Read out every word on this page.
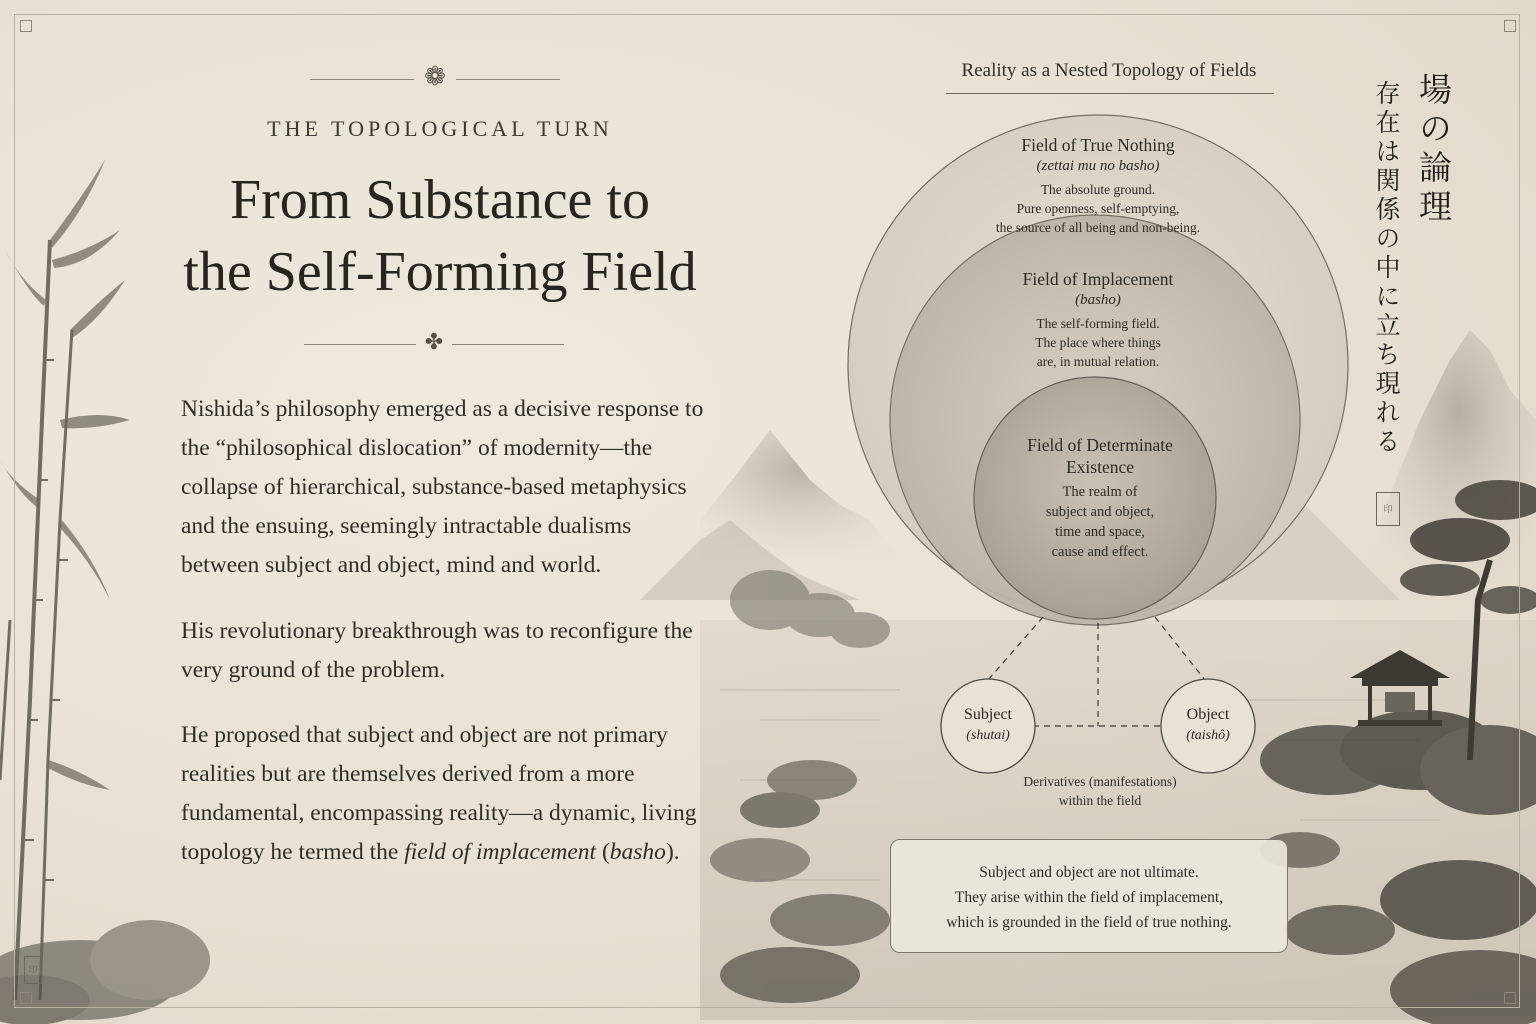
❁
THE TOPOLOGICAL TURN
From Substance to
the Self-Forming Field
✤

Nishida’s philosophy emerged as a decisive response to the “philosophical dislocation” of modernity—the collapse of hierarchical, substance-based metaphysics and the ensuing, seemingly intractable dualisms between subject and object, mind and world.

His revolutionary breakthrough was to reconfigure the very ground of the problem.

He proposed that subject and object are not primary realities but are themselves derived from a more fundamental, encompassing reality—a dynamic, living topology he termed the field of implacement (basho).

Reality as a Nested Topology of Fields
Field of True Nothing
(zettai mu no basho)
The absolute ground.
Pure openness, self-emptying,
the source of all being and non-being.
Field of Implacement
(basho)
The self-forming field.
The place where things
are, in mutual relation.
Field of Determinate
Existence
The realm of
subject and object,
time and space,
cause and effect.
Subject
(shutai)
Object
(taishô)
Derivatives (manifestations)
within the field
Subject and object are not ultimate.
They arise within the field of implacement,
which is grounded in the field of true nothing.
場の論理
存在は関係の中に立ち現れる
印
印
